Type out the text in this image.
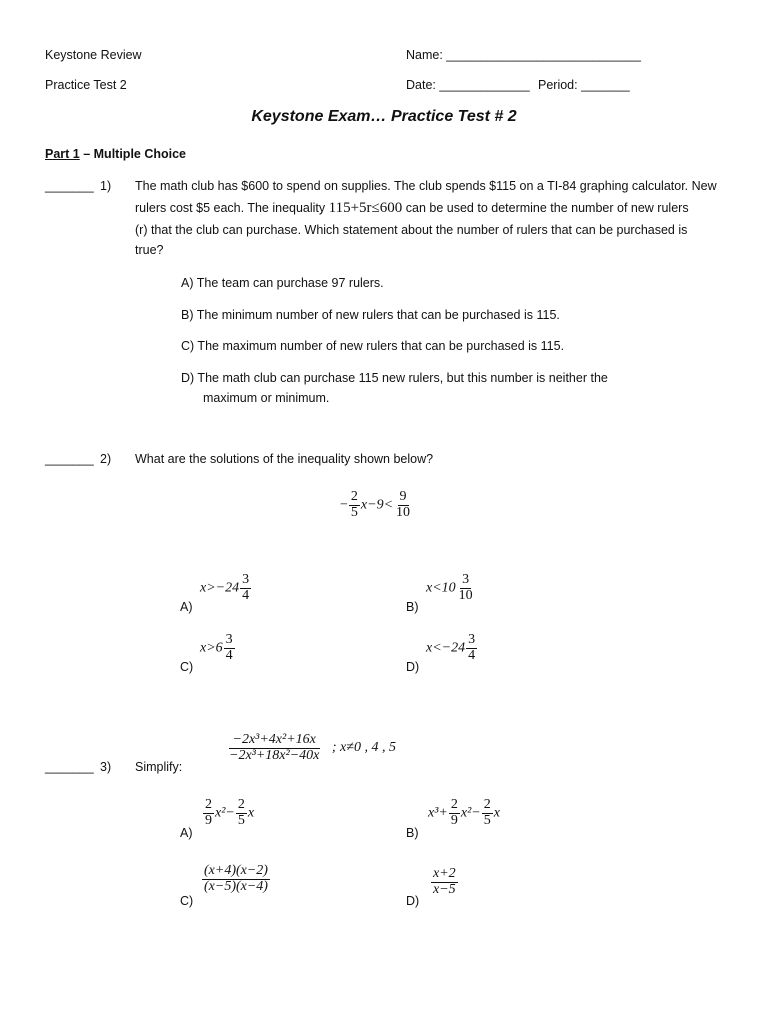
Keystone Review
Practice Test 2
Name: ____________________________
Date: _____________ Period: _______
Keystone Exam… Practice Test # 2
Part 1 – Multiple Choice
_______ 1) The math club has $600 to spend on supplies. The club spends $115 on a TI-84 graphing calculator. New
rulers cost $5 each. The inequality 115+5r≤600 can be used to determine the number of new rulers
(r) that the club can purchase. Which statement about the number of rulers that can be purchased is
true?
A) The team can purchase 97 rulers.
B) The minimum number of new rulers that can be purchased is 115.
C) The maximum number of new rulers that can be purchased is 115.
D) The math club can purchase 115 new rulers, but this number is neither the
maximum or minimum.
_______ 2) What are the solutions of the inequality shown below?
− $\frac{2}{5} x-9< \frac{9}{10}$
A)
$x>-24 \frac{3}{4}$
B)
$x<10 \frac{3}{10}$
C)
$x>6 \frac{3}{4}$
D)
$x<-24 \frac{3}{4}$
_______ 3) Simplify:
$\frac{\text{−2x³+4x²+16x}}{\text{−2x³+18x²−40x}}$ ; x≠0 , 4 , 5
A)
$\frac{2}{9} x^2- \frac{2}{5}$ x
B)
$x^3+ \frac{2}{9} x^2- \frac{2}{5}$ x
C)
$\frac{(x+4)(x-2)}{(x-5)(x-4)}$
D)
$\frac{x+2}{x-5}$
